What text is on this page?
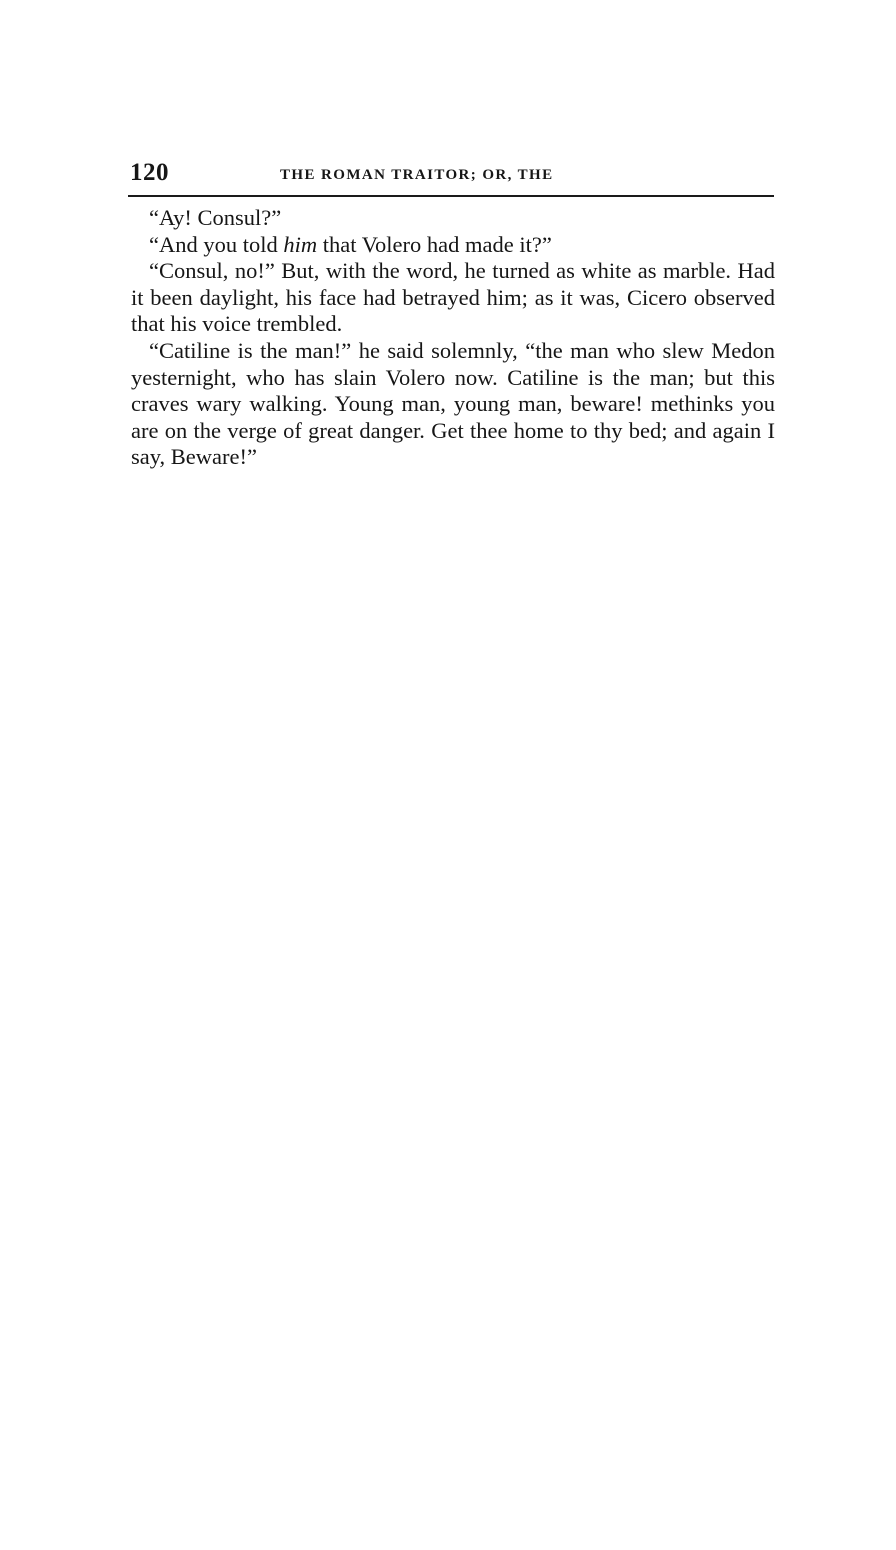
120	THE ROMAN TRAITOR; OR, THE

“Ay! Consul?”

“And you told him that Volero had made it?”

“Consul, no!” But, with the word, he turned as white as marble. Had it been daylight, his face had betrayed him; as it was, Cicero observed that his voice trembled.

“Catiline is the man!” he said solemnly, “the man who slew Medon yesternight, who has slain Volero now. Catiline is the man; but this craves wary walking. Young man, young man, beware! methinks you are on the verge of great danger. Get thee home to thy bed; and again I say, Beware!”
